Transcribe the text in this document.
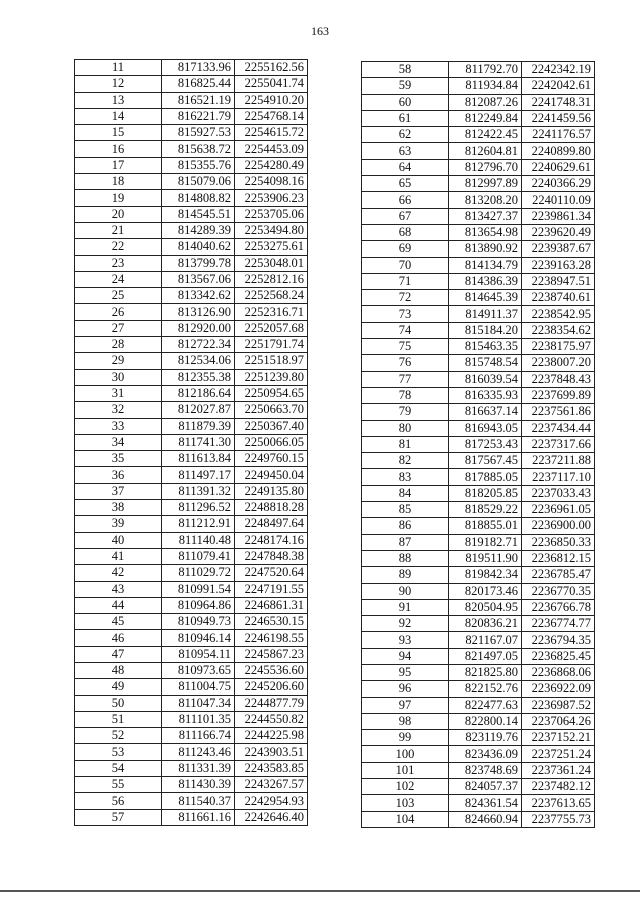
163
11	817133.96	2255162.56
12	816825.44	2255041.74
13	816521.19	2254910.20
14	816221.79	2254768.14
15	815927.53	2254615.72
16	815638.72	2254453.09
17	815355.76	2254280.49
18	815079.06	2254098.16
19	814808.82	2253906.23
20	814545.51	2253705.06
21	814289.39	2253494.80
22	814040.62	2253275.61
23	813799.78	2253048.01
24	813567.06	2252812.16
25	813342.62	2252568.24
26	813126.90	2252316.71
27	812920.00	2252057.68
28	812722.34	2251791.74
29	812534.06	2251518.97
30	812355.38	2251239.80
31	812186.64	2250954.65
32	812027.87	2250663.70
33	811879.39	2250367.40
34	811741.30	2250066.05
35	811613.84	2249760.15
36	811497.17	2249450.04
37	811391.32	2249135.80
38	811296.52	2248818.28
39	811212.91	2248497.64
40	811140.48	2248174.16
41	811079.41	2247848.38
42	811029.72	2247520.64
43	810991.54	2247191.55
44	810964.86	2246861.31
45	810949.73	2246530.15
46	810946.14	2246198.55
47	810954.11	2245867.23
48	810973.65	2245536.60
49	811004.75	2245206.60
50	811047.34	2244877.79
51	811101.35	2244550.82
52	811166.74	2244225.98
53	811243.46	2243903.51
54	811331.39	2243583.85
55	811430.39	2243267.57
56	811540.37	2242954.93
57	811661.16	2242646.40
58	811792.70	2242342.19
59	811934.84	2242042.61
60	812087.26	2241748.31
61	812249.84	2241459.56
62	812422.45	2241176.57
63	812604.81	2240899.80
64	812796.70	2240629.61
65	812997.89	2240366.29
66	813208.20	2240110.09
67	813427.37	2239861.34
68	813654.98	2239620.49
69	813890.92	2239387.67
70	814134.79	2239163.28
71	814386.39	2238947.51
72	814645.39	2238740.61
73	814911.37	2238542.95
74	815184.20	2238354.62
75	815463.35	2238175.97
76	815748.54	2238007.20
77	816039.54	2237848.43
78	816335.93	2237699.89
79	816637.14	2237561.86
80	816943.05	2237434.44
81	817253.43	2237317.66
82	817567.45	2237211.88
83	817885.05	2237117.10
84	818205.85	2237033.43
85	818529.22	2236961.05
86	818855.01	2236900.00
87	819182.71	2236850.33
88	819511.90	2236812.15
89	819842.34	2236785.47
90	820173.46	2236770.35
91	820504.95	2236766.78
92	820836.21	2236774.77
93	821167.07	2236794.35
94	821497.05	2236825.45
95	821825.80	2236868.06
96	822152.76	2236922.09
97	822477.63	2236987.52
98	822800.14	2237064.26
99	823119.76	2237152.21
100	823436.09	2237251.24
101	823748.69	2237361.24
102	824057.37	2237482.12
103	824361.54	2237613.65
104	824660.94	2237755.73
